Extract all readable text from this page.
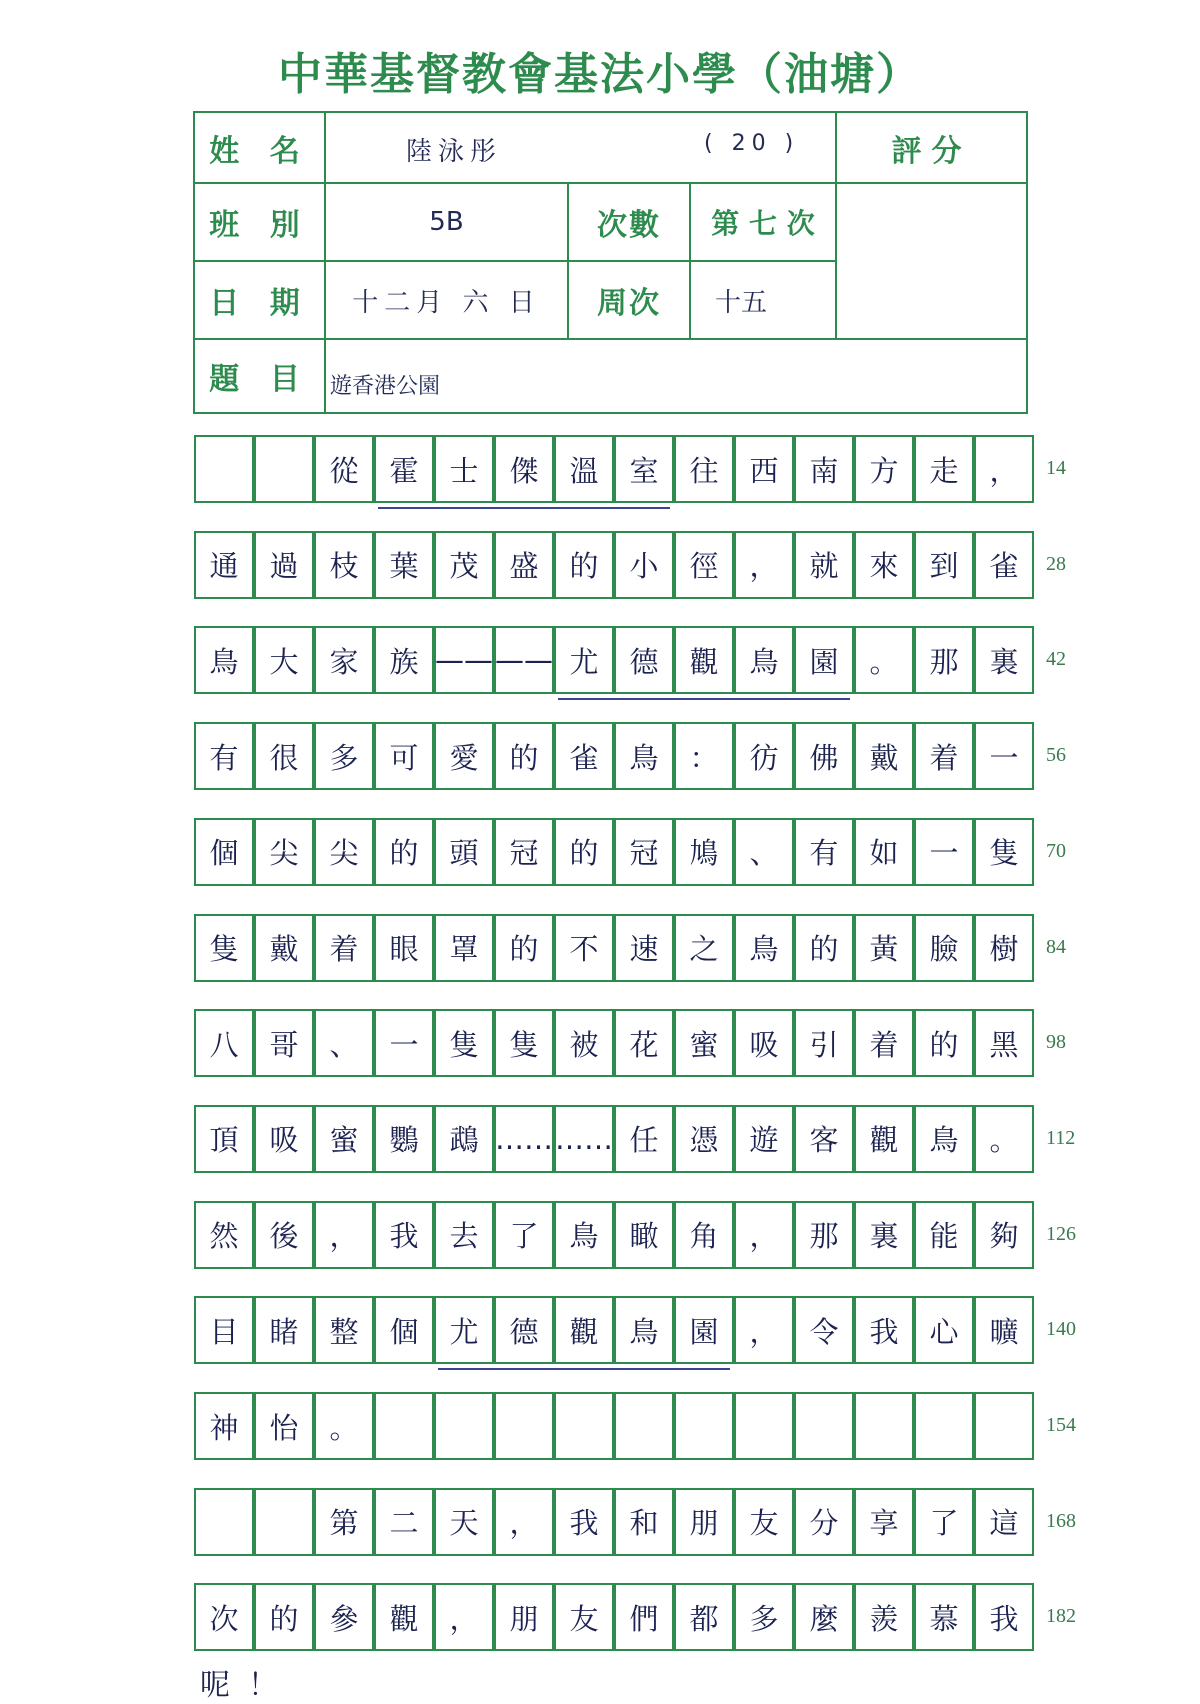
中華基督教會基法小學（油塘）
姓 名	陸泳彤	( 20 )	評分
班 別	5B	次數	第 七 次
日 期	十二月 六 日	周次	十五
題 目 遊香港公園
從	霍	士	傑	溫	室	往	西	南	方	走	，	14
通	過	枝	葉	茂	盛	的	小	徑	，	就	來	到	雀	28
鳥	大	家	族 —— —— 尤	德	觀	鳥	園	。	那	裏	42
有	很	多	可	愛	的	雀	鳥	：	彷	佛	戴	着	一	56
個	尖	尖	的	頭	冠	的	冠	鳩	、	有	如	一	隻	70
隻	戴	着	眼	罩	的	不	速	之	鳥	的	黃	臉	樹	84
八	哥	、	一	隻	隻	被	花	蜜	吸	引	着	的	黑	98
頂	吸	蜜	鸚	鵡 …… …… 任	憑	遊	客	觀	鳥	。	112
然	後	，	我	去	了	鳥	瞰	角	，	那	裏	能	夠	126
目	睹	整	個	尤	德	觀	鳥	園	，	令	我	心	曠	140
神	怡	。	154
第	二	天	，	我	和	朋	友	分	享	了	這	168
次	的	參	觀	，	朋	友	們	都	多	麼	羨	慕	我	182
呢！
